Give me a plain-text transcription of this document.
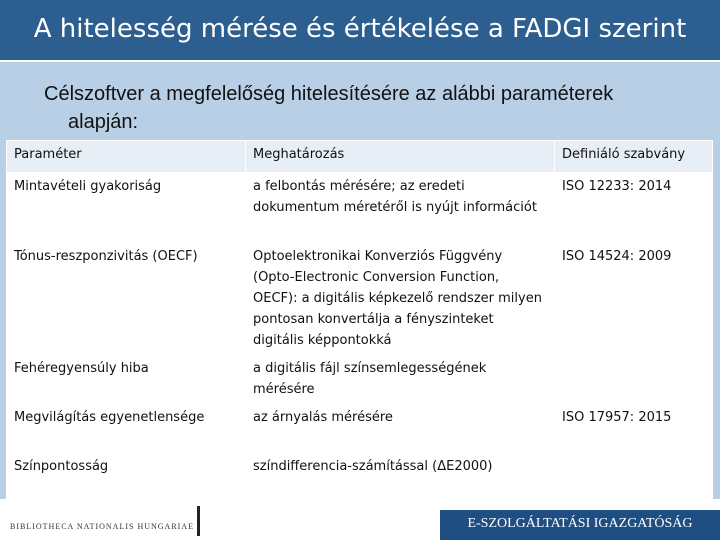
A hitelesség mérése és értékelése a FADGI szerint
Célszoftver a megfelelőség hitelesítésére az alábbi paraméterek
alapján:
Paraméter	Meghatározás	Definiáló szabvány
Mintavételi gyakoriság	a felbontás mérésére; az eredeti dokumentum méretéről is nyújt információt	ISO 12233: 2014
Tónus-reszponzivitás (OECF)	Optoelektronikai Konverziós Függvény (Opto-Electronic Conversion Function, OECF): a digitális képkezelő rendszer milyen pontosan konvertálja a fényszinteket digitális képpontokká	ISO 14524: 2009
Fehéregyensúly hiba	a digitális fájl színsemlegességének mérésére	
Megvilágítás egyenetlensége	az árnyalás mérésére	ISO 17957: 2015
Színpontosság	színdifferencia-számítással (ΔE2000)	
BIBLIOTHECA NATIONALIS HUNGARIAE	E-SZOLGÁLTATÁSI IGAZGATÓSÁG
